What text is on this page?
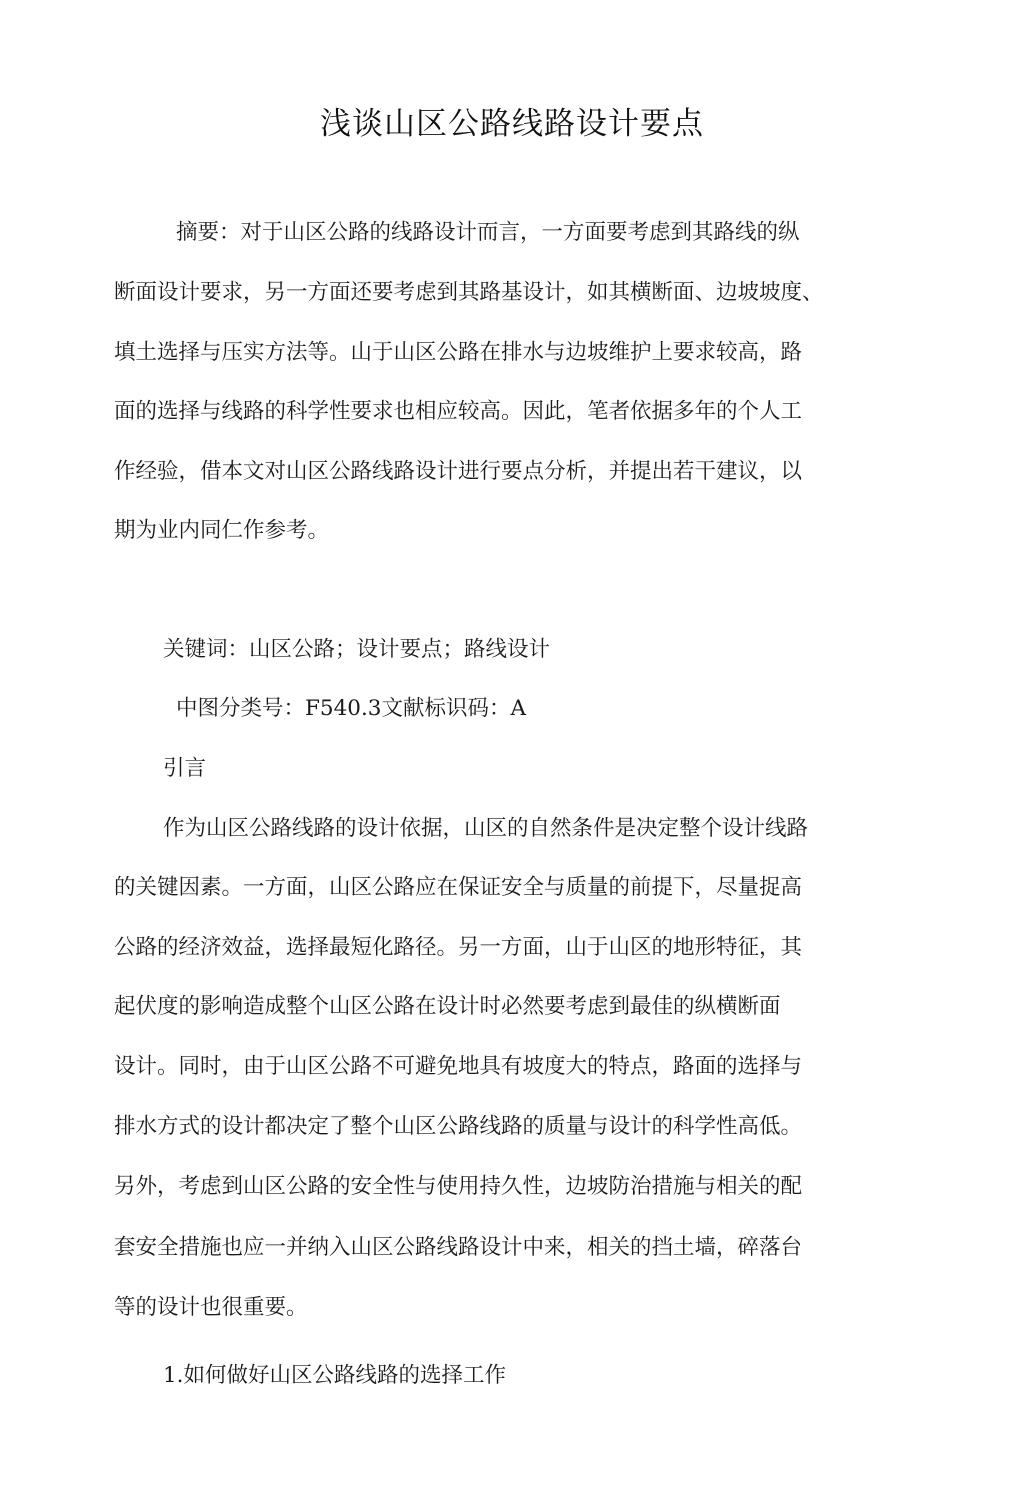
浅谈山区公路线路设计要点
摘要：对于山区公路的线路设计而言，一方面要考虑到其路线的纵
断面设计要求，另一方面还要考虑到其路基设计，如其横断面、边坡坡度、
填土选择与压实方法等。山于山区公路在排水与边坡维护上要求较高，路
面的选择与线路的科学性要求也相应较高。因此，笔者依据多年的个人工
作经验，借本文对山区公路线路设计进行要点分析，并提出若干建议，以
期为业内同仁作参考。
关键词：山区公路；设计要点；路线设计
中图分类号：F540.3文献标识码：A
引言
作为山区公路线路的设计依据，山区的自然条件是决定整个设计线路
的关键因素。一方面，山区公路应在保证安全与质量的前提下，尽量捉高
公路的经济效益，选择最短化路径。另一方面，山于山区的地形特征，其
起伏度的影响造成整个山区公路在设计时必然要考虑到最佳的纵横断面
设计。同时，由于山区公路不可避免地具有坡度大的特点，路面的选择与
排水方式的设计都决定了整个山区公路线路的质量与设计的科学性高低。
另外，考虑到山区公路的安全性与使用持久性，边坡防治措施与相关的配
套安全措施也应一并纳入山区公路线路设计中来，相关的挡土墙，碎落台
等的设计也很重要。
1.如何做好山区公路线路的选择工作
